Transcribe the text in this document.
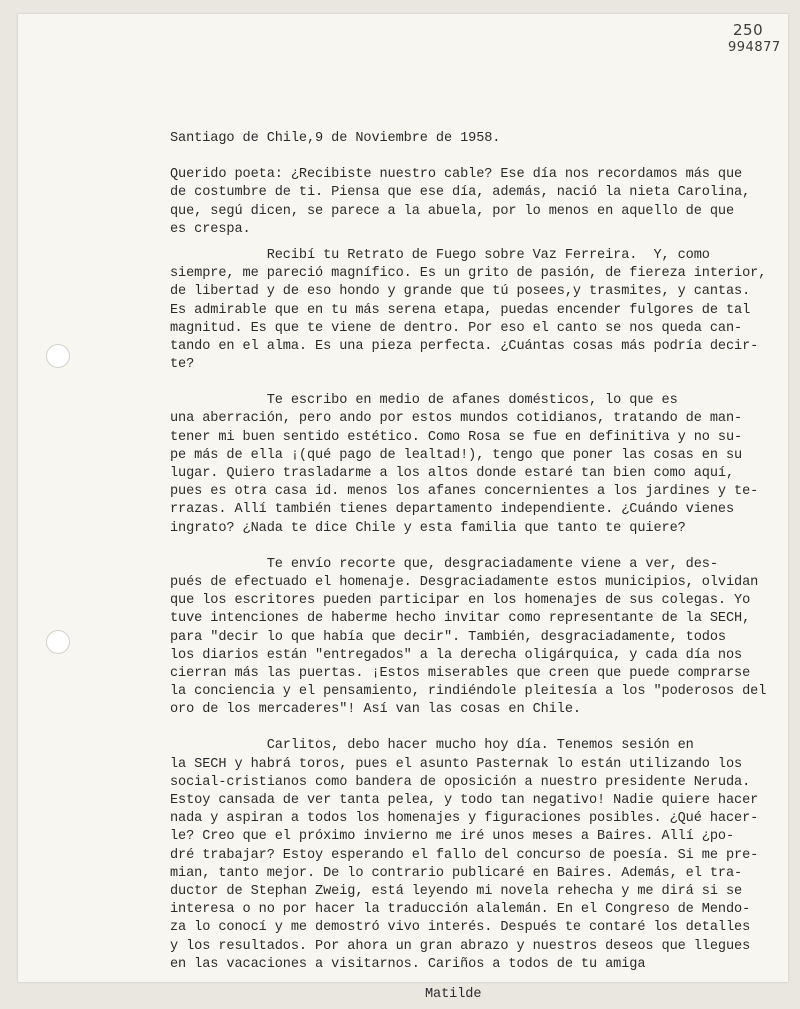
250
994877
Santiago de Chile,9 de Noviembre de 1958.
Querido poeta: ¿Recibiste nuestro cable? Ese día nos recordamos más que
de costumbre de ti. Piensa que ese día, además, nació la nieta Carolina,
que, segú dicen, se parece a la abuela, por lo menos en aquello de que
es crespa.
Recibí tu Retrato de Fuego sobre Vaz Ferreira.  Y, como
siempre, me pareció magnífico. Es un grito de pasión, de fiereza interior,
de libertad y de eso hondo y grande que tú posees,y trasmites, y cantas.
Es admirable que en tu más serena etapa, puedas encender fulgores de tal
magnitud. Es que te viene de dentro. Por eso el canto se nos queda can-
tando en el alma. Es una pieza perfecta. ¿Cuántas cosas más podría decir-
te?
Te escribo en medio de afanes domésticos, lo que es
una aberración, pero ando por estos mundos cotidianos, tratando de man-
tener mi buen sentido estético. Como Rosa se fue en definitiva y no su-
pe más de ella ¡(qué pago de lealtad!), tengo que poner las cosas en su
lugar. Quiero trasladarme a los altos donde estaré tan bien como aquí,
pues es otra casa id. menos los afanes concernientes a los jardines y te-
rrazas. Allí también tienes departamento independiente. ¿Cuándo vienes
ingrato? ¿Nada te dice Chile y esta familia que tanto te quiere?
Te envío recorte que, desgraciadamente viene a ver, des-
pués de efectuado el homenaje. Desgraciadamente estos municipios, olvidan
que los escritores pueden participar en los homenajes de sus colegas. Yo
tuve intenciones de haberme hecho invitar como representante de la SECH,
para "decir lo que había que decir". También, desgraciadamente, todos
los diarios están "entregados" a la derecha oligárquica, y cada día nos
cierran más las puertas. ¡Estos miserables que creen que puede comprarse
la conciencia y el pensamiento, rindiéndole pleitesía a los "poderosos del
oro de los mercaderes"! Así van las cosas en Chile.
Carlitos, debo hacer mucho hoy día. Tenemos sesión en
la SECH y habrá toros, pues el asunto Pasternak lo están utilizando los
social-cristianos como bandera de oposición a nuestro presidente Neruda.
Estoy cansada de ver tanta pelea, y todo tan negativo! Nadie quiere hacer
nada y aspiran a todos los homenajes y figuraciones posibles. ¿Qué hacer-
le? Creo que el próximo invierno me iré unos meses a Baires. Allí ¿po-
dré trabajar? Estoy esperando el fallo del concurso de poesía. Si me pre-
mian, tanto mejor. De lo contrario publicaré en Baires. Además, el tra-
ductor de Stephan Zweig, está leyendo mi novela rehecha y me dirá si se
interesa o no por hacer la traducción alalemán. En el Congreso de Mendo-
za lo conocí y me demostró vivo interés. Después te contaré los detalles
y los resultados. Por ahora un gran abrazo y nuestros deseos que llegues
en las vacaciones a visitarnos. Cariños a todos de tu amiga
Matilde
